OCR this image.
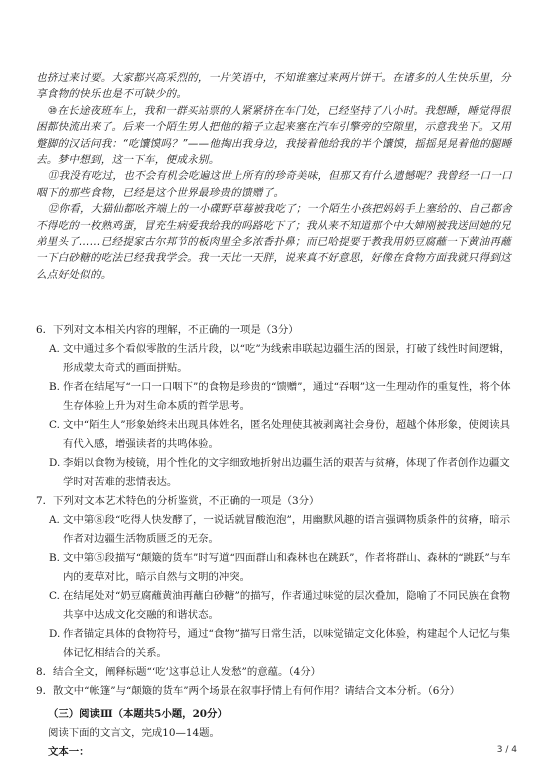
也挤过来讨要。大家都兴高采烈的，一片笑语中，不知谁塞过来两片饼干。在诸多的人生快乐里，分享食物的快乐也是不可缺少的。

⑩在长途夜班车上，我和一群买站票的人紧紧挤在车门处，已经坚持了八小时。我想睡，睡觉得很困都快流出来了。后来一个陌生男人把他的箱子立起来塞在汽车引擎旁的空隙里，示意我坐下。又用蹩脚的汉话问我：“吃馕馍吗？”——他掏出我身边，我接着他给我的半个馕馍，摇摇晃晃着他的腿睡去。梦中想到，这一下车，便成永别。

⑪我没有吃过，也不会有机会吃遍这世上所有的珍奇美味，但那又有什么遗憾呢？我曾经一口一口咽下的那些食物，已经是这个世界最珍贵的馈赠了。

⑫你看，大猫仙都吆齐端上的一小碟野草莓被我吃了；一个陌生小孩把妈妈手上塞给的、自己都舍不得吃的一枚熟鸡蛋，冒充生病爱我给我的吗路吃下了；我从来不知道那个中大婶刚被我送回她的兄弟里头了……已经提家古尔邦节的板肉里全多浓香扑鼻；而已哈提要于教我用奶豆腐蘸一下黄油再蘸一下白砂糖的吃法已经我我学会。我一天比一天胖，说来真不好意思，好像在食物方面我就只得到这么点好处似的。

6．下列对文本相关内容的理解，不正确的一项是（3分）

A. 文中通过多个看似零散的生活片段，以“吃”为线索串联起边疆生活的图景，打破了线性时间逻辑，形成蒙太奇式的画面拼贴。

B. 作者在结尾写“一口一口咽下”的食物是珍贵的“馈赠”，通过“吞咽”这一生理动作的重复性，将个体生存体验上升为对生命本质的哲学思考。

C. 文中“陌生人”形象始终未出现具体姓名，匿名处理使其被剥离社会身份，超越个体形象，使阅读具有代入感，增强读者的共鸣体验。

D. 李娟以食物为棱镜，用个性化的文字细致地折射出边疆生活的艰苦与贫瘠，体现了作者创作边疆文学时对苦难的悲情表达。

7．下列对文本艺术特色的分析鉴赏，不正确的一项是（3分）

A. 文中第⑧段“吃得人快发酵了，一说话就冒酸泡泡”，用幽默风趣的语言强调物质条件的贫瘠，暗示作者对边疆生活物质匮乏的无奈。

B. 文中第⑤段描写“颠簸的货车”时写道“四面群山和森林也在跳跃”，作者将群山、森林的“跳跃”与车内的麦草对比，暗示自然与文明的冲突。

C. 在结尾处对“奶豆腐蘸黄油再蘸白砂糖”的描写，作者通过味觉的层次叠加，隐喻了不同民族在食物共享中达成文化交融的和谐状态。

D. 作者锚定具体的食物符号，通过“食物”描写日常生活，以味觉锚定文化体验，构建起个人记忆与集体记忆相结合的关系。

8．结合全文，阐释标题“‘吃’这事总让人发愁”的意蕴。（4分）

9．散文中“帐篷”与“颠簸的货车”两个场景在叙事抒情上有何作用？请结合文本分析。（6分）

（三）阅读Ⅲ（本题共5小题，20分）

阅读下面的文言文，完成10—14题。

文本一：	3 / 4
